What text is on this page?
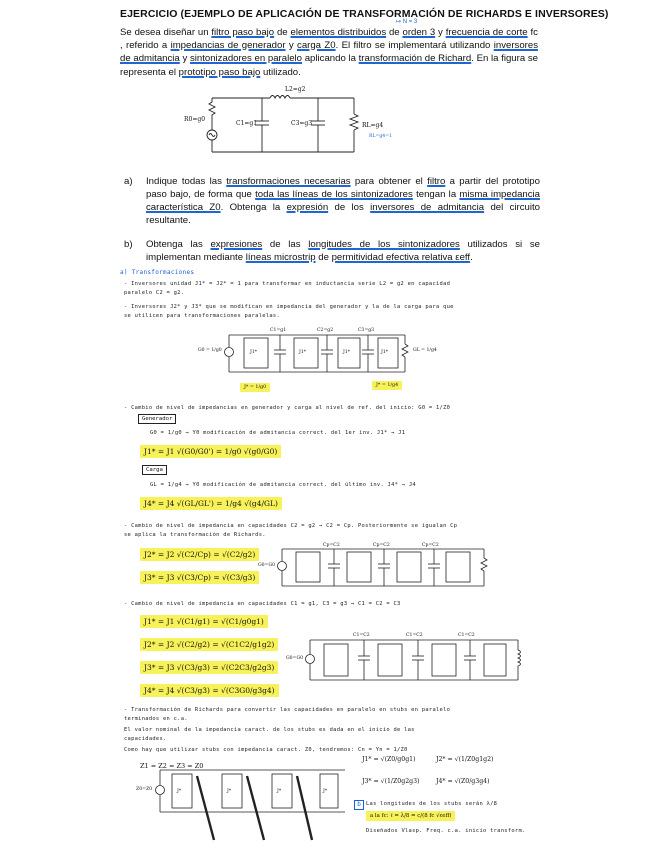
EJERCICIO (EJEMPLO DE APLICACIÓN DE TRANSFORMACIÓN DE RICHARDS E INVERSORES)
↦ N = 3
Se desea diseñar un filtro paso bajo de elementos distribuidos de orden 3 y frecuencia de corte fc , referido a impedancias de generador y carga Z0. El filtro se implementará utilizando inversores de admitancia y sintonizadores en paralelo aplicando la transformación de Richard. En la figura se representa el prototipo paso bajo utilizado.
L2=g2
C1=g1	C3=g3
R0=g0
RL=g4
RL=g4=1
a) Indique todas las transformaciones necesarias para obtener el filtro a partir del prototipo paso bajo, de forma que toda las líneas de los sintonizadores tengan la misma impedancia característica Z0. Obtenga la expresión de los inversores de admitancia del circuito resultante.
b) Obtenga las expresiones de las longitudes de los sintonizadores utilizados si se implementan mediante líneas microstrip de permitividad efectiva relativa εeff.
a) Transformaciones
- Inversores unidad J1* = J2* = 1 para transformar en inductancia serie L2 = g2 en capacidad
paralelo C2 = g2.
- Inversores J2* y J3* que se modifican en impedancia del generador y la de la carga para que
se utilicen para transformaciones paralelas.
C1=g1	C2=g2	C3=g3
G0 = 1/g0	GL = 1/g4
J1*	J1*	J1*	J1*
J* = 1/g0	J* = 1/g4
- Cambio de nivel de impedancias en generador y carga al nivel de ref. del inicio: G0 = 1/Z0
Generador
G0 = 1/g0 → Y0 modificación de admitancia correct. del 1er inv. J1* → J1
J1* = J1 √(G0/G0') = 1/g0 √(g0/G0)
Carga
GL = 1/g4 → Y0 modificación de admitancia correct. del último inv. J4* → J4
J4* = J4 √(GL/GL') = 1/g4 √(g4/GL)
- Cambio de nivel de impedancia en capacidades C2 = g2 → C2 = Cp. Posteriormente se igualan Cp
se aplica la transformación de Richards.
J2* = J2 √(C2/Cp) = √(C2/g2)
J3* = J3 √(C3/Cp) = √(C3/g3)
Cp=C2	Cp=C2	Cp=C2
G0=G0
- Cambio de nivel de impedancia en capacidades C1 = g1, C3 = g3 → C1 = C2 = C3
J1* = J1 √(C1/g1) = √(C1/g0g1)
J2* = J2 √(C2/g2) = √(C1C2/g1g2)
J3* = J3 √(C3/g3) = √(C2C3/g2g3)
J4* = J4 √(C3/g3) = √(C3G0/g3g4)
C1=C2	C1=C2	C1=C2
G0=G0
- Transformación de Richards para convertir las capacidades en paralelo en stubs en paralelo
terminados en c.a.
El valor nominal de la impedancia caract. de los stubs es dada en el inicio de las
capacidades.
Como hay que utilizar stubs con impedancia caract. Z0, tendremos: Cn = Yn = 1/Z0
Z1 = Z2 = Z3 = Z0
Z0=Z0	J*	J*	J*	J*
J1* = √(Z0/g0g1)	J2* = √(1/Z0g1g2)
J3* = √(1/Z0g2g3)	J4* = √(Z0/g3g4)
b Las longitudes de los stubs serán λ/8
a la fc: ℓ = λ/8 = c/(8 fc √εeff)
Diseñados Vlasp. Freq. c.a. inicio transform.
